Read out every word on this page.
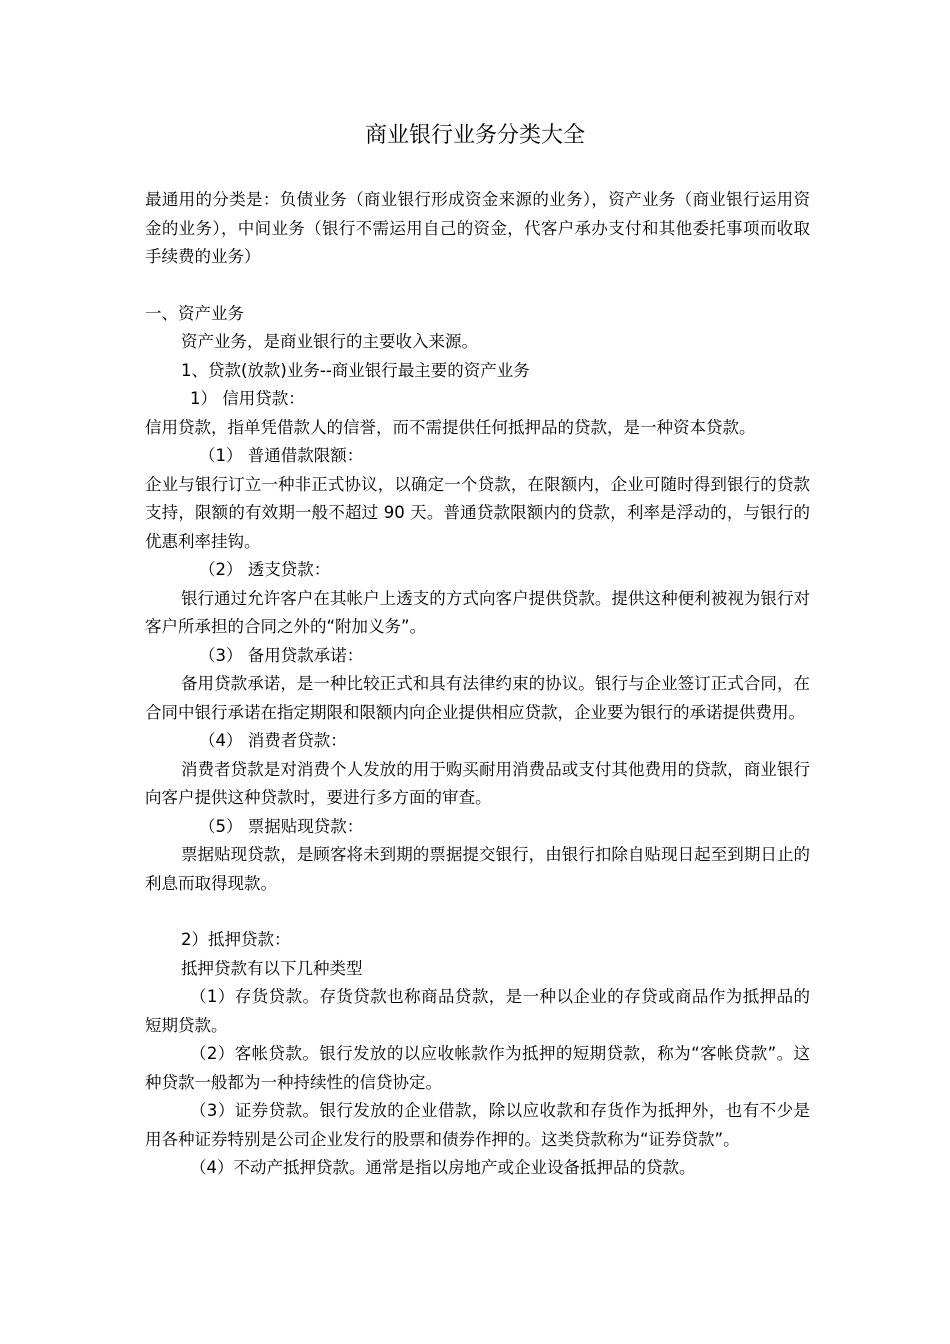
商业银行业务分类大全

最通用的分类是：负债业务（商业银行形成资金来源的业务），资产业务（商业银行运用资金的业务），中间业务（银行不需运用自己的资金，代客户承办支付和其他委托事项而收取手续费的业务）

一、资产业务

资产业务，是商业银行的主要收入来源。

1、贷款(放款)业务--商业银行最主要的资产业务

1） 信用贷款：

信用贷款，指单凭借款人的信誉，而不需提供任何抵押品的贷款，是一种资本贷款。

（1） 普通借款限额：

企业与银行订立一种非正式协议，以确定一个贷款，在限额内，企业可随时得到银行的贷款支持，限额的有效期一般不超过 90 天。普通贷款限额内的贷款，利率是浮动的，与银行的优惠利率挂钩。

（2） 透支贷款：

银行通过允许客户在其帐户上透支的方式向客户提供贷款。提供这种便利被视为银行对客户所承担的合同之外的“附加义务”。

（3） 备用贷款承诺：

备用贷款承诺，是一种比较正式和具有法律约束的协议。银行与企业签订正式合同，在合同中银行承诺在指定期限和限额内向企业提供相应贷款，企业要为银行的承诺提供费用。

（4） 消费者贷款：

消费者贷款是对消费个人发放的用于购买耐用消费品或支付其他费用的贷款，商业银行向客户提供这种贷款时，要进行多方面的审查。

（5） 票据贴现贷款：

票据贴现贷款，是顾客将未到期的票据提交银行，由银行扣除自贴现日起至到期日止的利息而取得现款。

2）抵押贷款：

抵押贷款有以下几种类型

（1）存货贷款。存货贷款也称商品贷款，是一种以企业的存贷或商品作为抵押品的短期贷款。

（2）客帐贷款。银行发放的以应收帐款作为抵押的短期贷款，称为“客帐贷款”。这种贷款一般都为一种持续性的信贷协定。

（3）证券贷款。银行发放的企业借款，除以应收款和存货作为抵押外，也有不少是用各种证券特别是公司企业发行的股票和债券作押的。这类贷款称为“证券贷款”。

（4）不动产抵押贷款。通常是指以房地产或企业设备抵押品的贷款。
